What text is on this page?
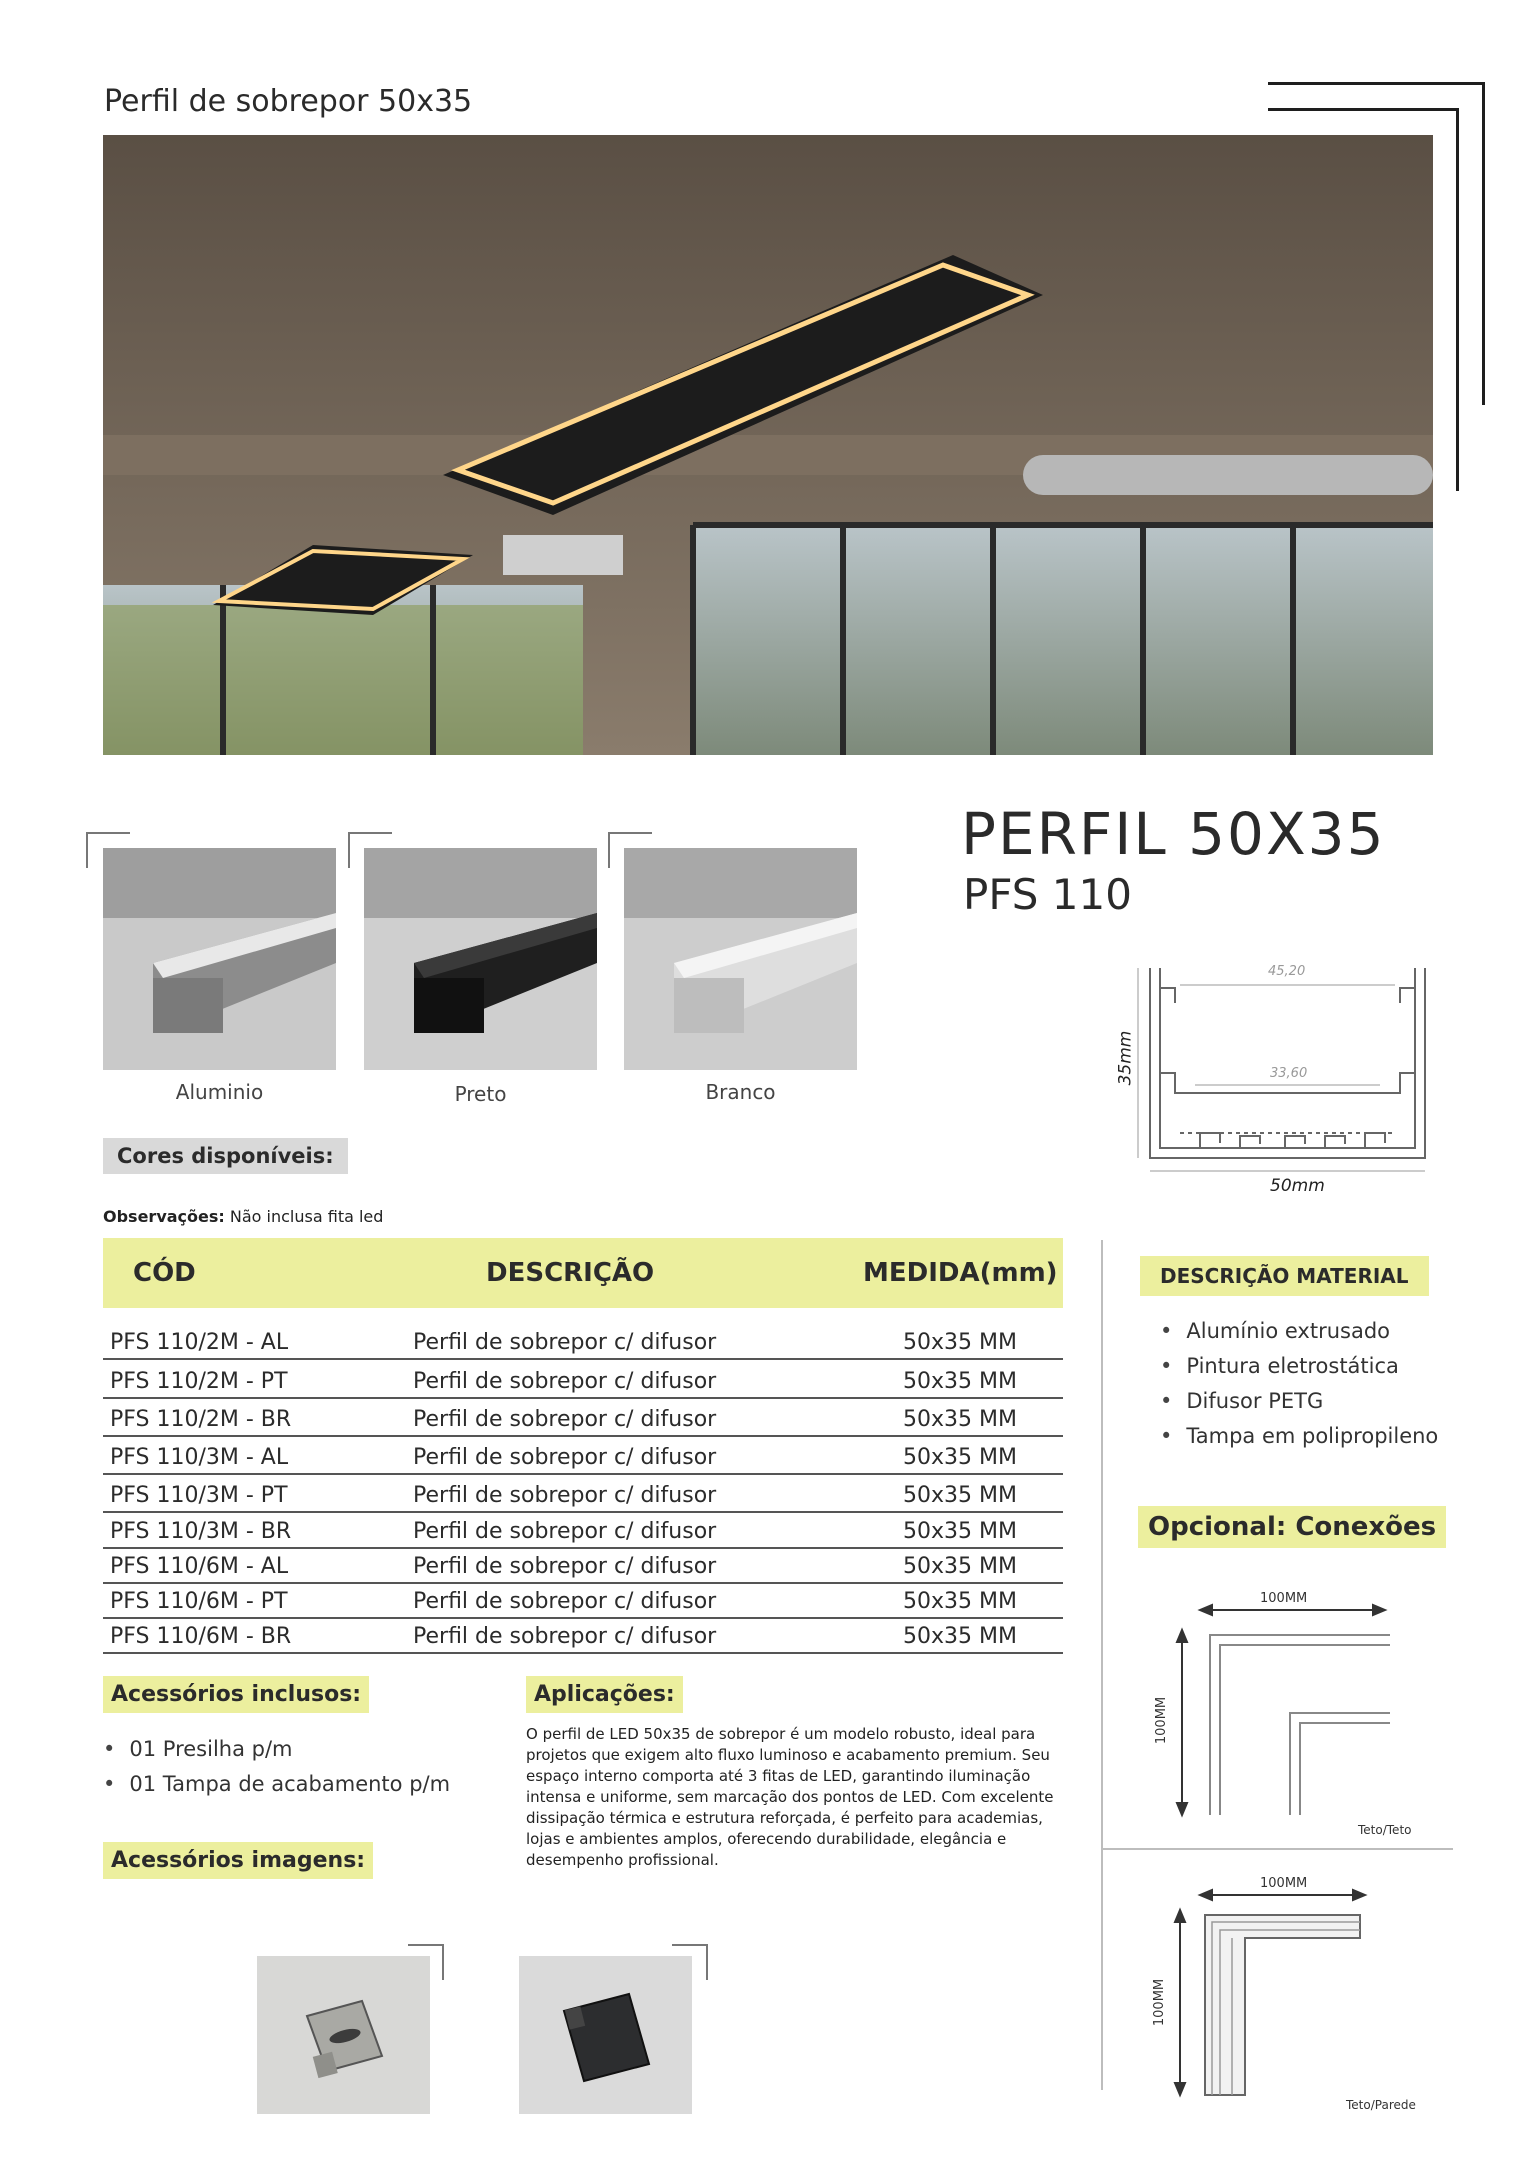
Perfil de sobrepor 50x35
Aluminio	Preto	Branco
Cores disponíveis:
Observações: Não inclusa fita led
PERFIL 50X35
PFS 110
45,20
33,60
50mm
35mm
CÓD	DESCRIÇÃO	MEDIDA(mm)
PFS 110/2M - AL	Perfil de sobrepor c/ difusor	50x35 MM
PFS 110/2M - PT	Perfil de sobrepor c/ difusor	50x35 MM
PFS 110/2M - BR	Perfil de sobrepor c/ difusor	50x35 MM
PFS 110/3M - AL	Perfil de sobrepor c/ difusor	50x35 MM
PFS 110/3M - PT	Perfil de sobrepor c/ difusor	50x35 MM
PFS 110/3M - BR	Perfil de sobrepor c/ difusor	50x35 MM
PFS 110/6M - AL	Perfil de sobrepor c/ difusor	50x35 MM
PFS 110/6M - PT	Perfil de sobrepor c/ difusor	50x35 MM
PFS 110/6M - BR	Perfil de sobrepor c/ difusor	50x35 MM
DESCRIÇÃO MATERIAL
• Alumínio extrusado
• Pintura eletrostática
• Difusor PETG
• Tampa em polipropileno
Opcional: Conexões
100MM
100MM
Teto/Teto
100MM
100MM
Teto/Parede
Acessórios inclusos:
• 01 Presilha p/m
• 01 Tampa de acabamento p/m
Aplicações:
O perfil de LED 50x35 de sobrepor é um modelo robusto, ideal para projetos que exigem alto fluxo luminoso e acabamento premium. Seu espaço interno comporta até 3 fitas de LED, garantindo iluminação intensa e uniforme, sem marcação dos pontos de LED. Com excelente dissipação térmica e estrutura reforçada, é perfeito para academias, lojas e ambientes amplos, oferecendo durabilidade, elegância e desempenho profissional.
Acessórios imagens:
